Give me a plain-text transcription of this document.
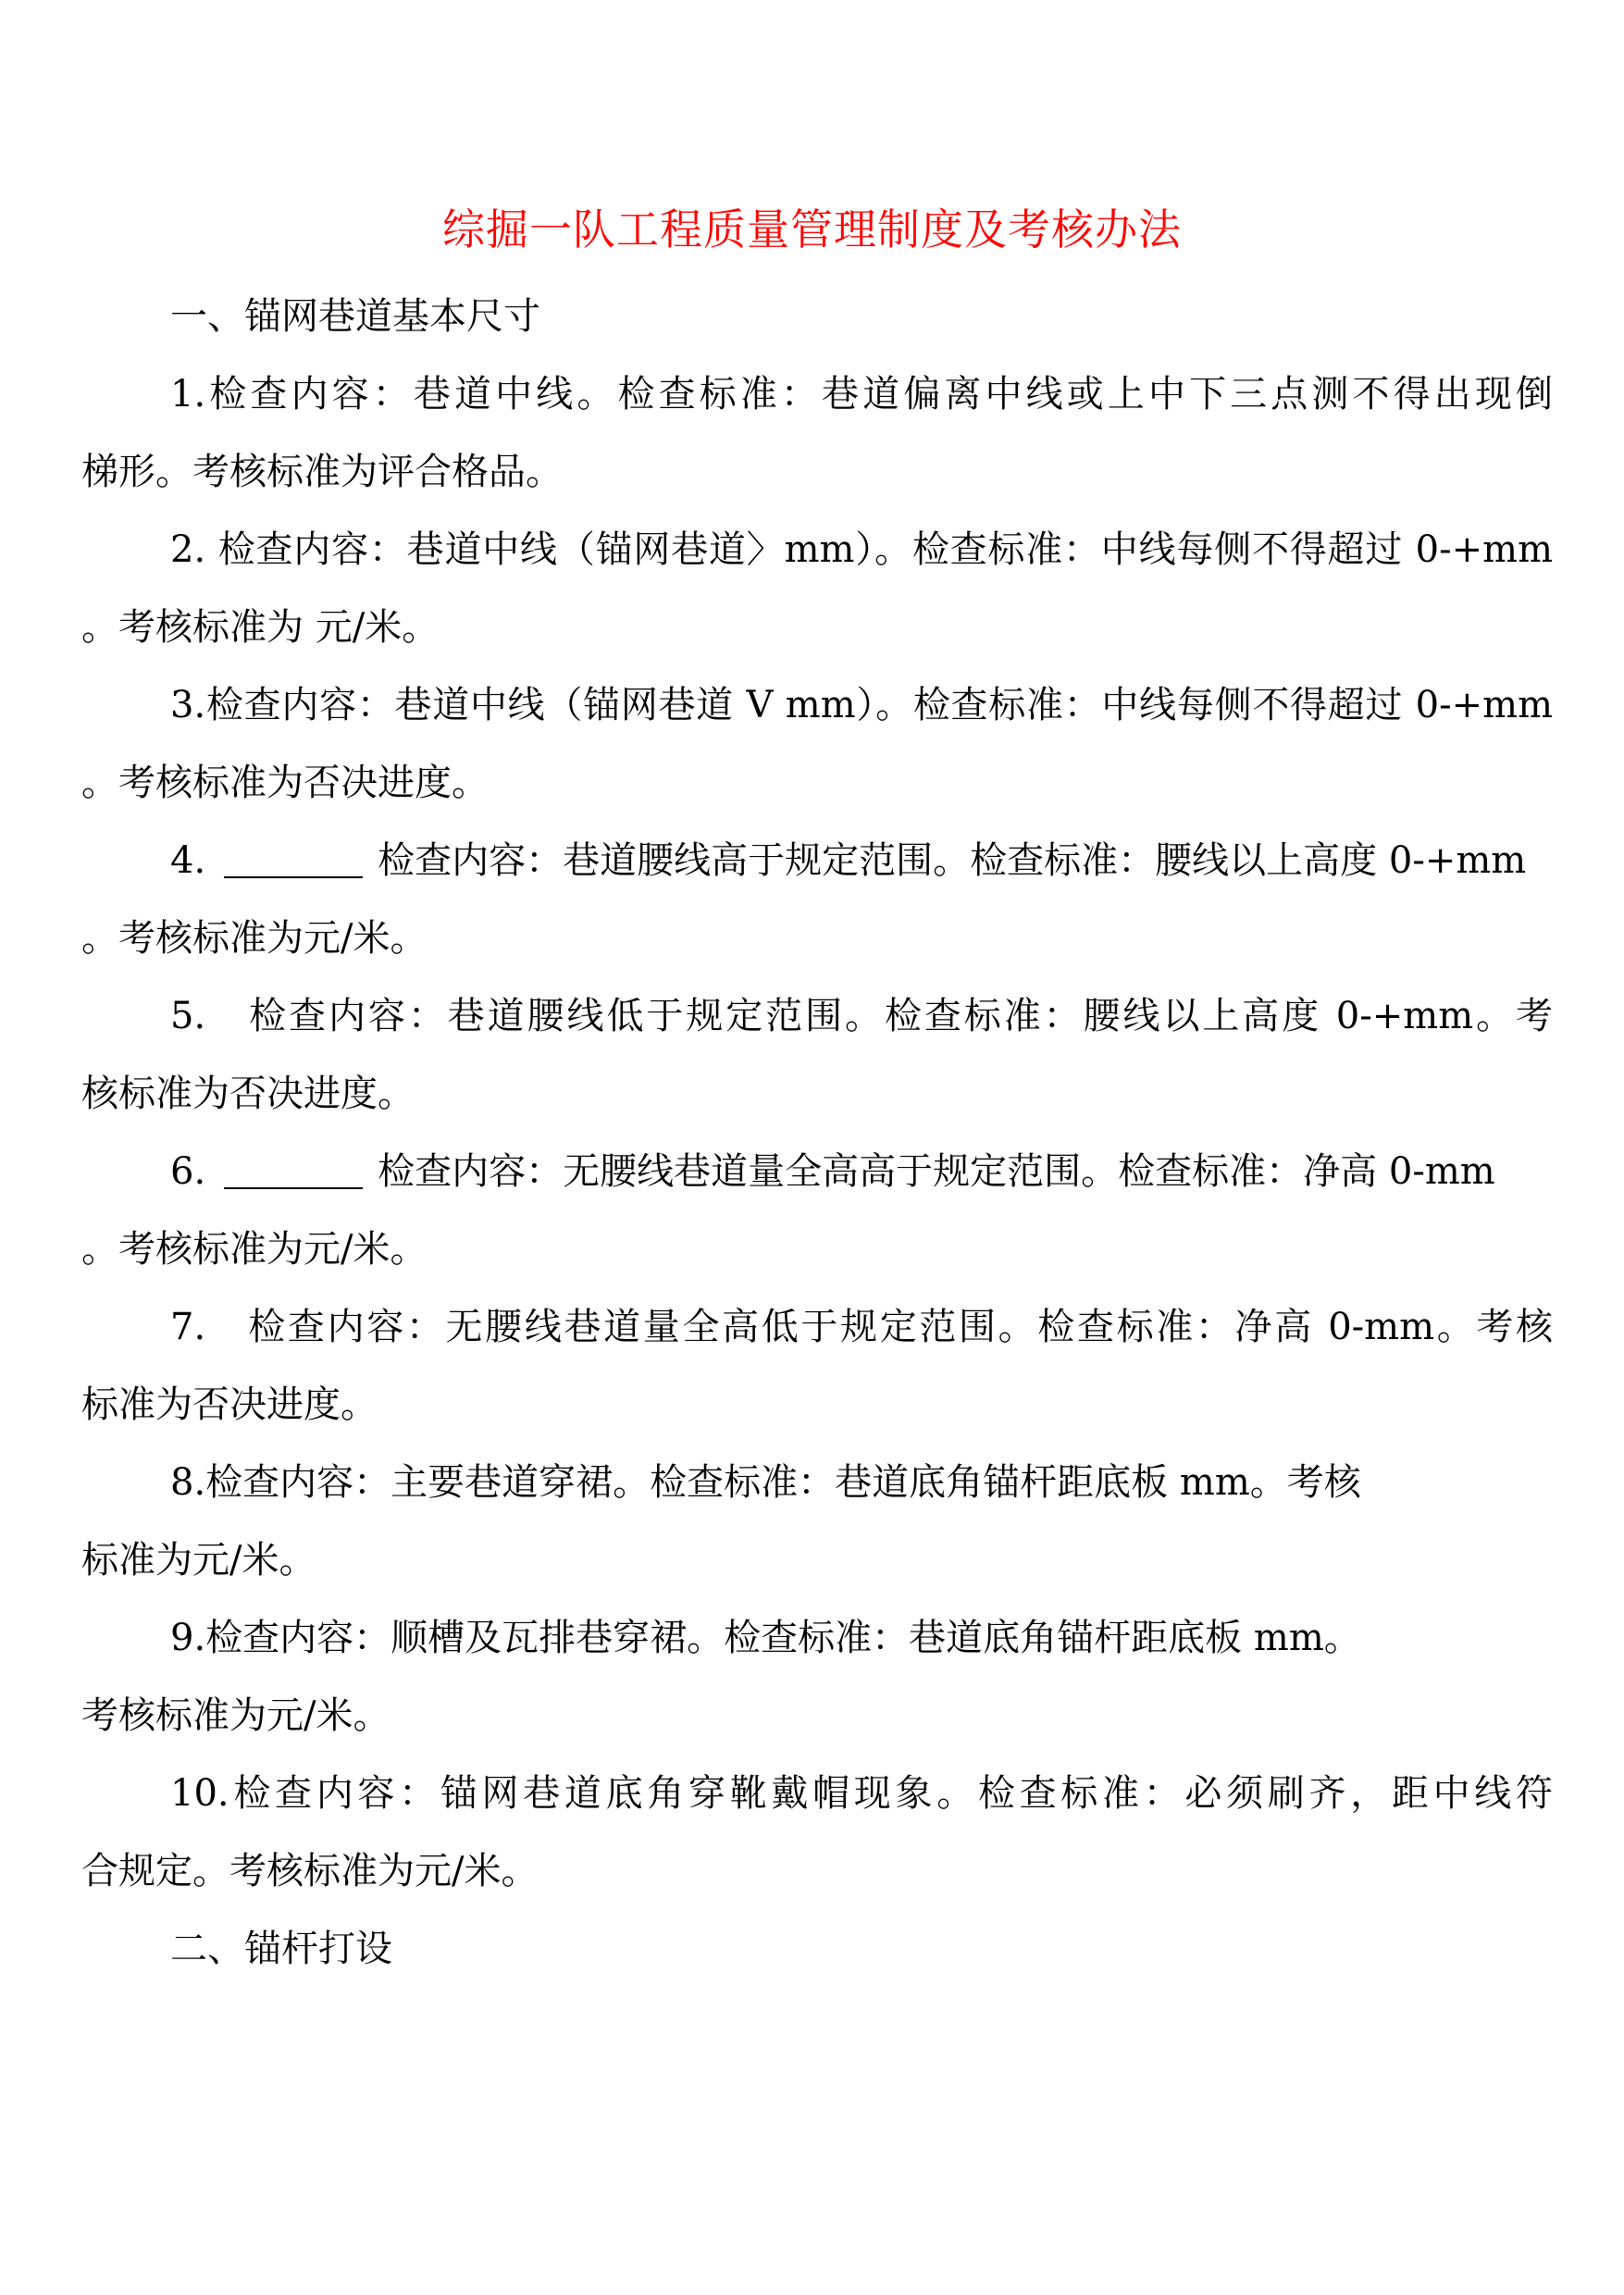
综掘一队工程质量管理制度及考核办法
一、锚网巷道基本尺寸
1.检查内容：巷道中线。检查标准：巷道偏离中线或上中下三点测不得出现倒
梯形。考核标准为评合格品。
2. 检查内容：巷道中线（锚网巷道〉mm）。检查标准：中线每侧不得超过 0-+mm
。考核标准为 元/米。
3.检查内容：巷道中线（锚网巷道 V mm）。检查标准：中线每侧不得超过 0-+mm
。考核标准为否决进度。
4.	检查内容：巷道腰线高于规定范围。检查标准：腰线以上高度 0-+mm
。考核标准为元/米。
5. 检查内容：巷道腰线低于规定范围。检查标准：腰线以上高度 0-+mm。考
核标准为否决进度。
6.	检查内容：无腰线巷道量全高高于规定范围。检查标准：净高 0-mm
。考核标准为元/米。
7. 检查内容：无腰线巷道量全高低于规定范围。检查标准：净高 0-mm。考核
标准为否决进度。
8.检查内容：主要巷道穿裙。检查标准：巷道底角锚杆距底板 mm。考核
标准为元/米。
9.检查内容：顺槽及瓦排巷穿裙。检查标准：巷道底角锚杆距底板 mm。
考核标准为元/米。
10.检查内容：锚网巷道底角穿靴戴帽现象。检查标准：必须刷齐，距中线符
合规定。考核标准为元/米。
二、锚杆打设
